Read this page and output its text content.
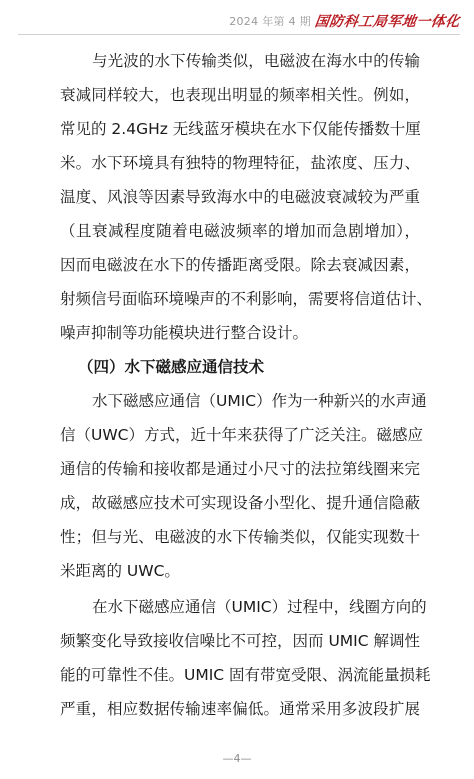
2024 年第 4 期 国防科工局军地一体化
与光波的水下传输类似，电磁波在海水中的传输
衰减同样较大，也表现出明显的频率相关性。例如，
常见的 2.4GHz 无线蓝牙模块在水下仅能传播数十厘
米。水下环境具有独特的物理特征，盐浓度、压力、
温度、风浪等因素导致海水中的电磁波衰减较为严重
（且衰减程度随着电磁波频率的增加而急剧增加），
因而电磁波在水下的传播距离受限。除去衰减因素，
射频信号面临环境噪声的不利影响，需要将信道估计、
噪声抑制等功能模块进行整合设计。
（四）水下磁感应通信技术
水下磁感应通信（UMIC）作为一种新兴的水声通
信（UWC）方式，近十年来获得了广泛关注。磁感应
通信的传输和接收都是通过小尺寸的法拉第线圈来完
成，故磁感应技术可实现设备小型化、提升通信隐蔽
性；但与光、电磁波的水下传输类似，仅能实现数十
米距离的 UWC。
在水下磁感应通信（UMIC）过程中，线圈方向的
频繁变化导致接收信噪比不可控，因而 UMIC 解调性
能的可靠性不佳。UMIC 固有带宽受限、涡流能量损耗
严重，相应数据传输速率偏低。通常采用多波段扩展
—4—
